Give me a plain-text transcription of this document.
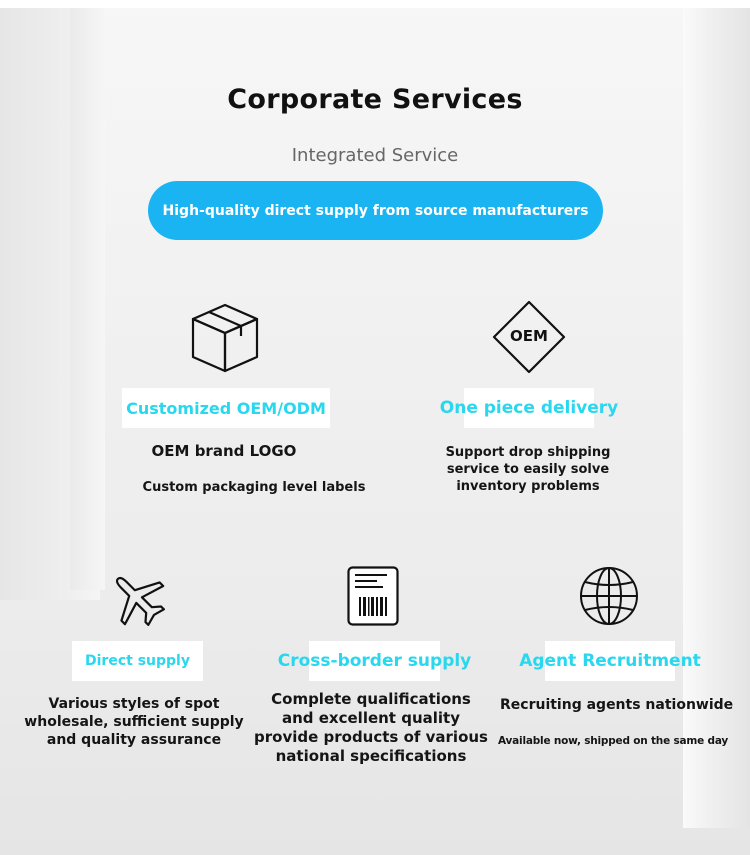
Corporate Services
Integrated Service
High-quality direct supply from source manufacturers
Customized OEM/ODM
OEM brand LOGO
Custom packaging level labels
OEM
One piece delivery
Support drop shipping
service to easily solve
inventory problems
Direct supply
Various styles of spot
wholesale, sufficient supply
and quality assurance
Cross-border supply
Complete qualifications
and excellent quality
provide products of various
national specifications
Agent Recruitment
Recruiting agents nationwide
Available now, shipped on the same day
